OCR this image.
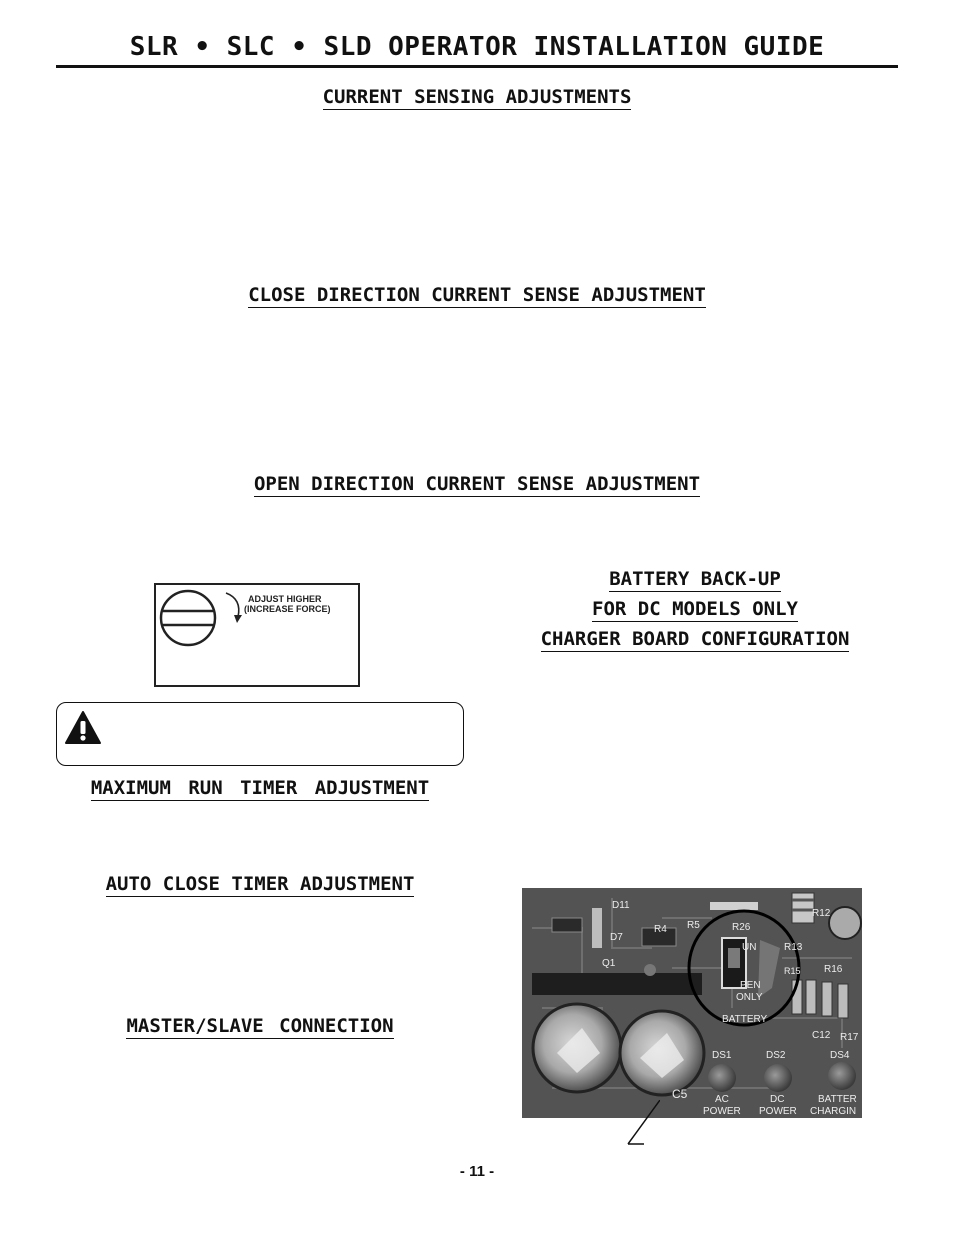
SLR • SLC • SLD OPERATOR INSTALLATION GUIDE
CURRENT SENSING ADJUSTMENTS
CLOSE DIRECTION CURRENT SENSE ADJUSTMENT
OPEN DIRECTION CURRENT SENSE ADJUSTMENT
BATTERY BACK-UP
FOR DC MODELS ONLY
CHARGER BOARD CONFIGURATION
ADJUST HIGHER
(INCREASE FORCE)
MAXIMUM RUN TIMER ADJUSTMENT
AUTO CLOSE TIMER ADJUSTMENT
MASTER/SLAVE CONNECTION
D11
D7
R4 R5
Q1
R26
R12
R13
R15 R16
C12 R17
C5
DS1	DS2	DS4
UN
PEN
ONLY
BATTERY
AC	DC
POWER POWER
BATTER
CHARGIN
- 11 -
